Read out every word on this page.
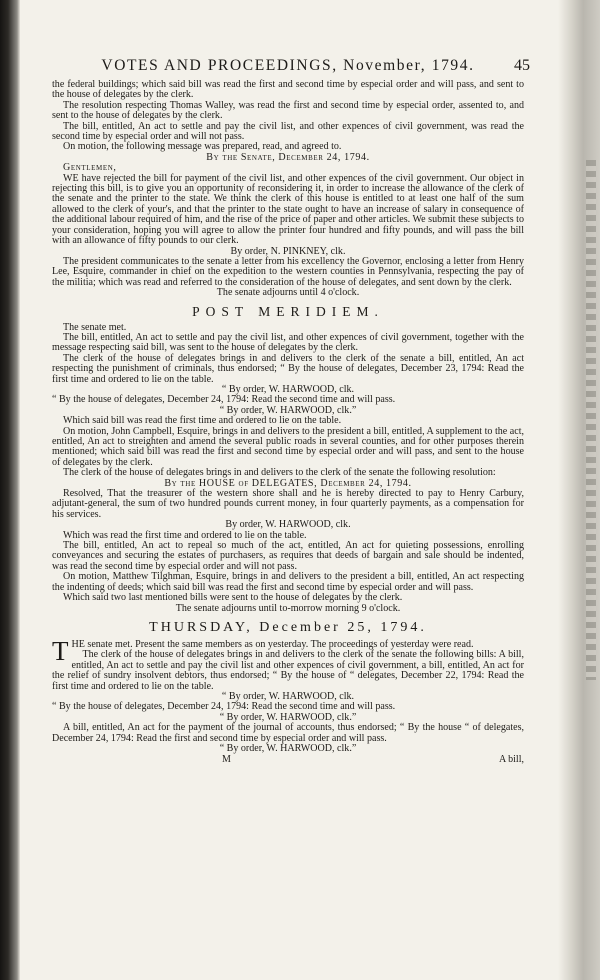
VOTES AND PROCEEDINGS, November, 1794.	45

the federal buildings; which said bill was read the first and second time by especial order and will pass, and sent to the house of delegates by the clerk.

The resolution respecting Thomas Walley, was read the first and second time by especial order, assented to, and sent to the house of delegates by the clerk.

The bill, entitled, An act to settle and pay the civil list, and other expences of civil government, was read the second time by especial order and will not pass.

On motion, the following message was prepared, read, and agreed to.

By the Senate, December 24, 1794.

Gentlemen,

WE have rejected the bill for payment of the civil list, and other expences of the civil government. Our object in rejecting this bill, is to give you an opportunity of reconsidering it, in order to increase the allowance of the clerk of the senate and the printer to the state. We think the clerk of this house is entitled to at least one half of the sum allowed to the clerk of your's, and that the printer to the state ought to have an increase of salary in consequence of the additional labour required of him, and the rise of the price of paper and other articles. We submit these subjects to your consideration, hoping you will agree to allow the printer four hundred and fifty pounds, and will pass the bill with an allowance of fifty pounds to our clerk.

By order, N. PINKNEY, clk.

The president communicates to the senate a letter from his excellency the Governor, enclosing a letter from Henry Lee, Esquire, commander in chief on the expedition to the western counties in Pennsylvania, respecting the pay of the militia; which was read and referred to the consideration of the house of delegates, and sent down by the clerk.

The senate adjourns until 4 o'clock.

POST MERIDIEM.

The senate met.

The bill, entitled, An act to settle and pay the civil list, and other expences of civil government, together with the message respecting said bill, was sent to the house of delegates by the clerk.

The clerk of the house of delegates brings in and delivers to the clerk of the senate a bill, entitled, An act respecting the punishment of criminals, thus endorsed; “ By the house of delegates, December 23, 1794: Read the first time and ordered to lie on the table.

“ By order, W. HARWOOD, clk.

“ By the house of delegates, December 24, 1794: Read the second time and will pass.

“ By order, W. HARWOOD, clk.”

Which said bill was read the first time and ordered to lie on the table.

On motion, John Campbell, Esquire, brings in and delivers to the president a bill, entitled, A supplement to the act, entitled, An act to streighten and amend the several public roads in several counties, and for other purposes therein mentioned; which said bill was read the first and second time by especial order and will pass, and sent to the house of delegates by the clerk.

The clerk of the house of delegates brings in and delivers to the clerk of the senate the following resolution:

By the HOUSE of DELEGATES, December 24, 1794.

Resolved, That the treasurer of the western shore shall and he is hereby directed to pay to Henry Carbury, adjutant-general, the sum of two hundred pounds current money, in four quarterly payments, as a compensation for his services.

By order, W. HARWOOD, clk.

Which was read the first time and ordered to lie on the table.

The bill, entitled, An act to repeal so much of the act, entitled, An act for quieting possessions, enrolling conveyances and securing the estates of purchasers, as requires that deeds of bargain and sale should be indented, was read the second time by especial order and will not pass.

On motion, Matthew Tilghman, Esquire, brings in and delivers to the president a bill, entitled, An act respecting the indenting of deeds; which said bill was read the first and second time by especial order and will pass.

Which said two last mentioned bills were sent to the house of delegates by the clerk.

The senate adjourns until to-morrow morning 9 o'clock.

THURSDAY, December 25, 1794.

THE senate met. Present the same members as on yesterday. The proceedings of yesterday were read.

The clerk of the house of delegates brings in and delivers to the clerk of the senate the following bills: A bill, entitled, An act to settle and pay the civil list and other expences of civil government, a bill, entitled, An act for the relief of sundry insolvent debtors, thus endorsed; “ By the house of “ delegates, December 22, 1794: Read the first time and ordered to lie on the table.

“ By order, W. HARWOOD, clk.

“ By the house of delegates, December 24, 1794: Read the second time and will pass.

“ By order, W. HARWOOD, clk.”

A bill, entitled, An act for the payment of the journal of accounts, thus endorsed; “ By the house “ of delegates, December 24, 1794: Read the first and second time by especial order and will pass.

“ By order, W. HARWOOD, clk.”

M	A bill,
